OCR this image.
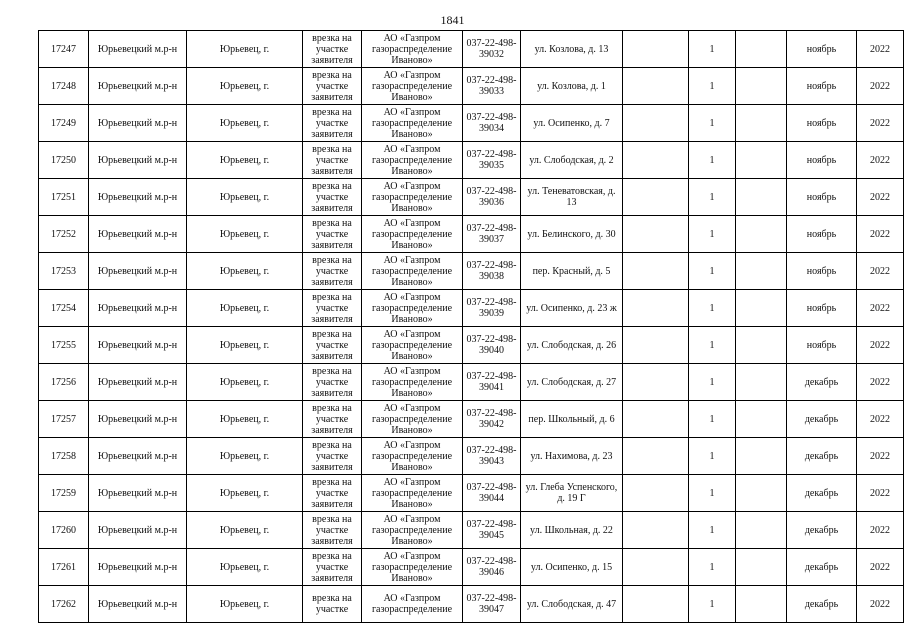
1841
17247	Юрьевецкий м.р-н	Юрьевец, г.	врезка на участке заявителя	АО «Газпром газораспределение Иваново»	037-22-498-39032	ул. Козлова, д. 13		1		ноябрь	2022
17248	Юрьевецкий м.р-н	Юрьевец, г.	врезка на участке заявителя	АО «Газпром газораспределение Иваново»	037-22-498-39033	ул. Козлова, д. 1		1		ноябрь	2022
17249	Юрьевецкий м.р-н	Юрьевец, г.	врезка на участке заявителя	АО «Газпром газораспределение Иваново»	037-22-498-39034	ул. Осипенко, д. 7		1		ноябрь	2022
17250	Юрьевецкий м.р-н	Юрьевец, г.	врезка на участке заявителя	АО «Газпром газораспределение Иваново»	037-22-498-39035	ул. Слободская, д. 2		1		ноябрь	2022
17251	Юрьевецкий м.р-н	Юрьевец, г.	врезка на участке заявителя	АО «Газпром газораспределение Иваново»	037-22-498-39036	ул. Теневатовская, д. 13		1		ноябрь	2022
17252	Юрьевецкий м.р-н	Юрьевец, г.	врезка на участке заявителя	АО «Газпром газораспределение Иваново»	037-22-498-39037	ул. Белинского, д. 30		1		ноябрь	2022
17253	Юрьевецкий м.р-н	Юрьевец, г.	врезка на участке заявителя	АО «Газпром газораспределение Иваново»	037-22-498-39038	пер. Красный, д. 5		1		ноябрь	2022
17254	Юрьевецкий м.р-н	Юрьевец, г.	врезка на участке заявителя	АО «Газпром газораспределение Иваново»	037-22-498-39039	ул. Осипенко, д. 23 ж		1		ноябрь	2022
17255	Юрьевецкий м.р-н	Юрьевец, г.	врезка на участке заявителя	АО «Газпром газораспределение Иваново»	037-22-498-39040	ул. Слободская, д. 26		1		ноябрь	2022
17256	Юрьевецкий м.р-н	Юрьевец, г.	врезка на участке заявителя	АО «Газпром газораспределение Иваново»	037-22-498-39041	ул. Слободская, д. 27		1		декабрь	2022
17257	Юрьевецкий м.р-н	Юрьевец, г.	врезка на участке заявителя	АО «Газпром газораспределение Иваново»	037-22-498-39042	пер. Школьный, д. 6		1		декабрь	2022
17258	Юрьевецкий м.р-н	Юрьевец, г.	врезка на участке заявителя	АО «Газпром газораспределение Иваново»	037-22-498-39043	ул. Нахимова, д. 23		1		декабрь	2022
17259	Юрьевецкий м.р-н	Юрьевец, г.	врезка на участке заявителя	АО «Газпром газораспределение Иваново»	037-22-498-39044	ул. Глеба Успенского, д. 19 Г		1		декабрь	2022
17260	Юрьевецкий м.р-н	Юрьевец, г.	врезка на участке заявителя	АО «Газпром газораспределение Иваново»	037-22-498-39045	ул. Школьная, д. 22		1		декабрь	2022
17261	Юрьевецкий м.р-н	Юрьевец, г.	врезка на участке заявителя	АО «Газпром газораспределение Иваново»	037-22-498-39046	ул. Осипенко, д. 15		1		декабрь	2022
17262	Юрьевецкий м.р-н	Юрьевец, г.	врезка на участке	АО «Газпром газораспределение	037-22-498-39047	ул. Слободская, д. 47		1		декабрь	2022
